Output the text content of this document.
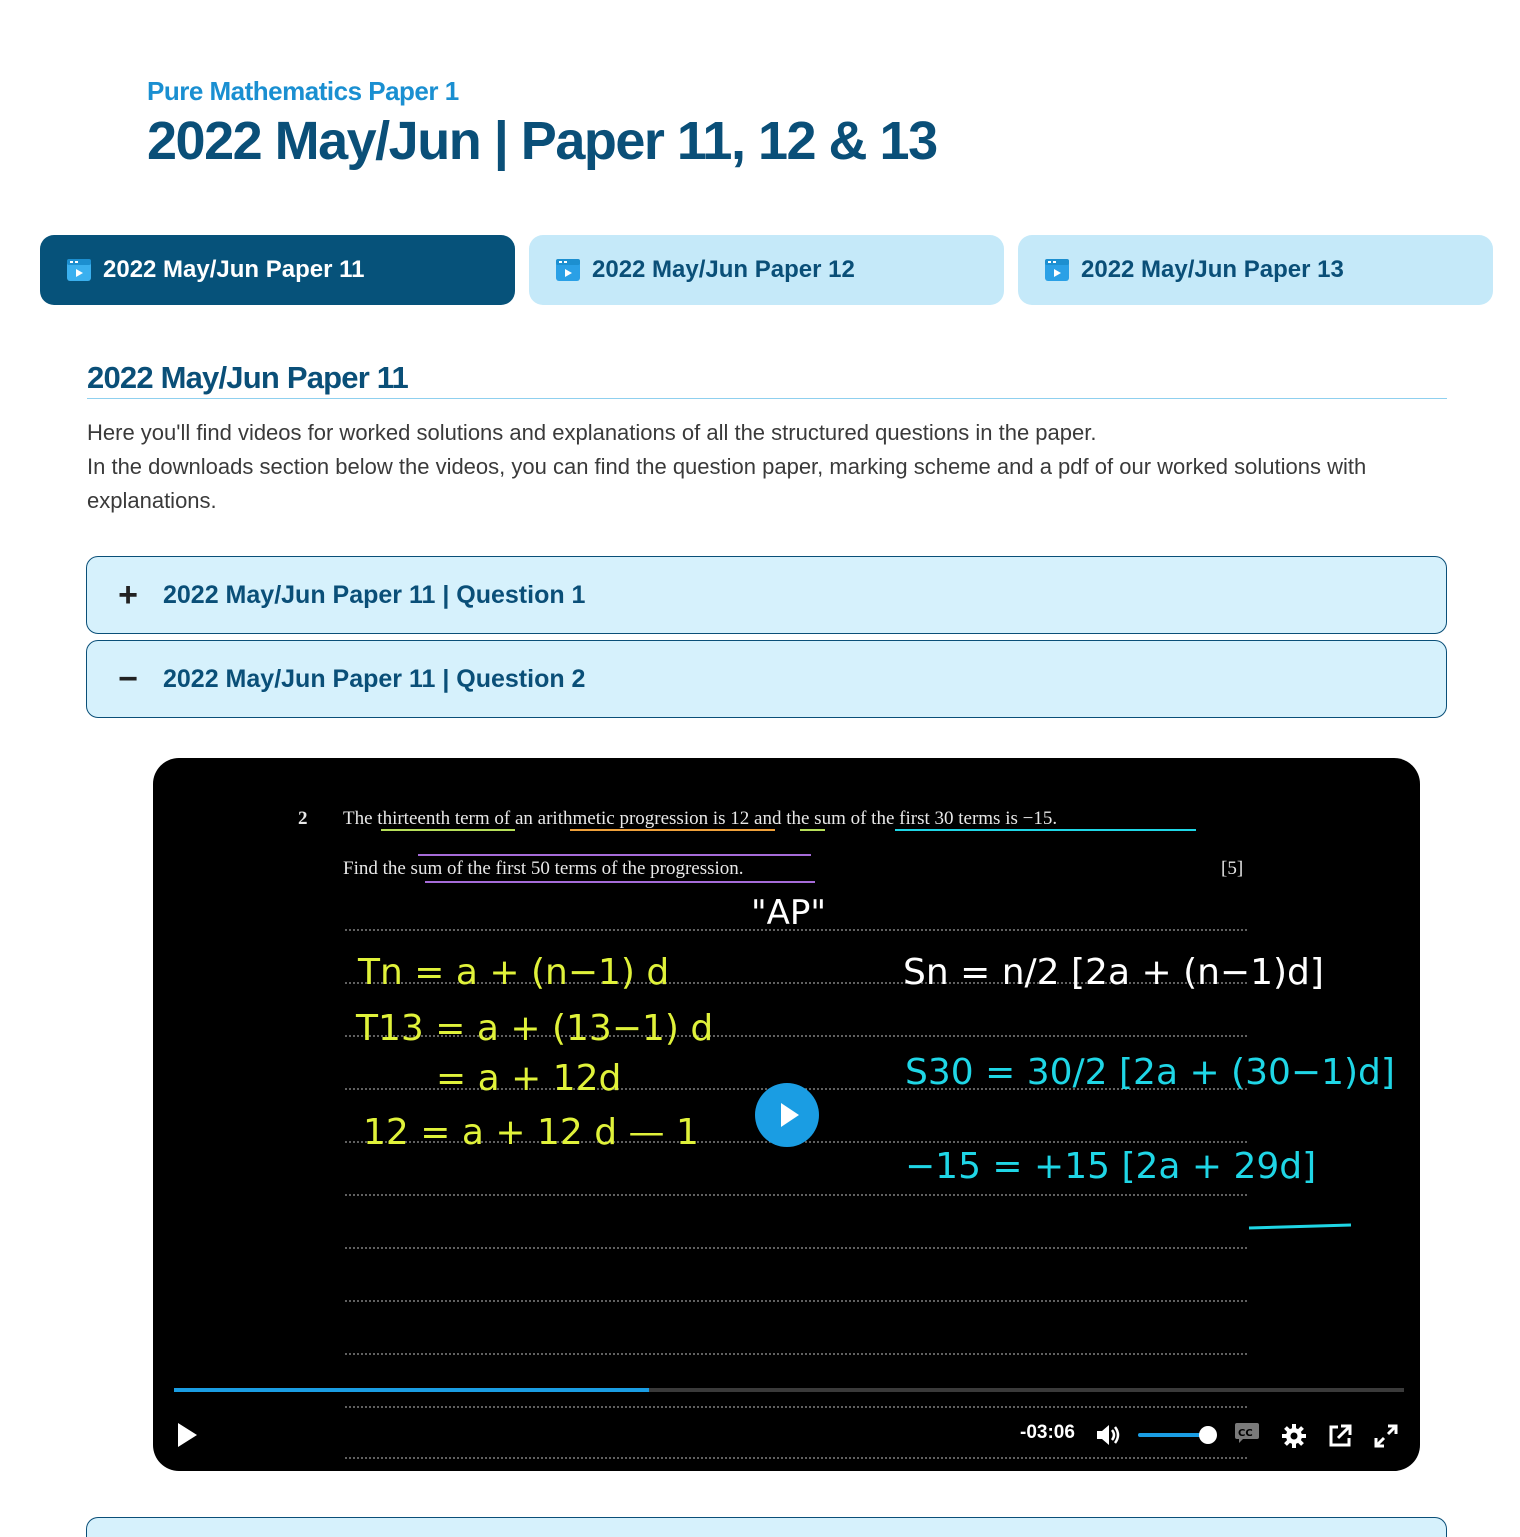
Pure Mathematics Paper 1
2022 May/Jun | Paper 11, 12 & 13
2022 May/Jun Paper 11	2022 May/Jun Paper 12	2022 May/Jun Paper 13
2022 May/Jun Paper 11

Here you'll find videos for worked solutions and explanations of all the structured questions in the paper.

In the downloads section below the videos, you can find the question paper, marking scheme and a pdf of our worked solutions with explanations.

+ 2022 May/Jun Paper 11 | Question 1
− 2022 May/Jun Paper 11 | Question 2
2 The thirteenth term of an arithmetic progression is 12 and the sum of the first 30 terms is −15.
Find the sum of the first 50 terms of the progression.	[5]
"AP"
Tn = a + (n−1) d
T13 = a + (13−1) d
= a + 12d
12 = a + 12 d — 1
Sn = n/2 [2a + (n−1)d]
S30 = 30/2 [2a + (30−1)d]
−15 = +15 [2a + 29d]
-03:06	CC
